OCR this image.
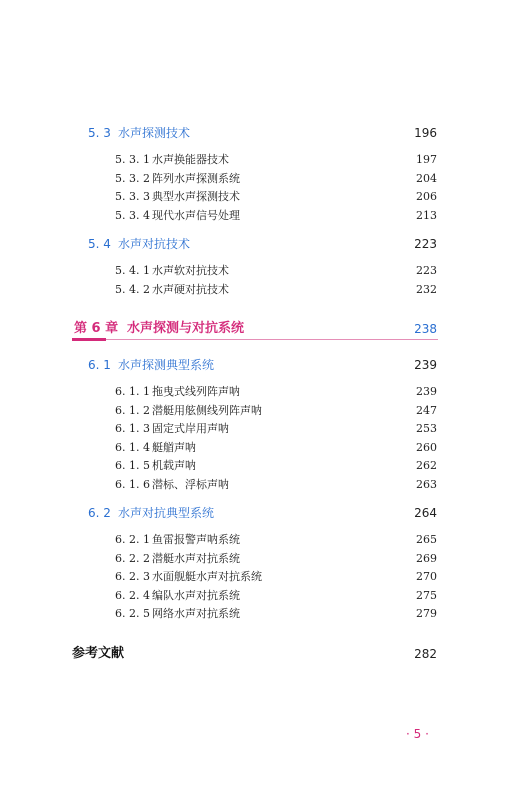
5. 3 水声探测技术	196
5. 3. 1 水声换能器技术	197
5. 3. 2 阵列水声探测系统	204
5. 3. 3 典型水声探测技术	206
5. 3. 4 现代水声信号处理	213
5. 4 水声对抗技术	223
5. 4. 1 水声软对抗技术	223
5. 4. 2 水声硬对抗技术	232
第 6 章 水声探测与对抗系统	238
6. 1 水声探测典型系统	239
6. 1. 1 拖曳式线列阵声呐	239
6. 1. 2 潜艇用舷侧线列阵声呐	247
6. 1. 3 固定式岸用声呐	253
6. 1. 4 艇艏声呐	260
6. 1. 5 机载声呐	262
6. 1. 6 潜标、浮标声呐	263
6. 2 水声对抗典型系统	264
6. 2. 1 鱼雷报警声呐系统	265
6. 2. 2 潜艇水声对抗系统	269
6. 2. 3 水面舰艇水声对抗系统	270
6. 2. 4 编队水声对抗系统	275
6. 2. 5 网络水声对抗系统	279
参考文献	282
· 5 ·
